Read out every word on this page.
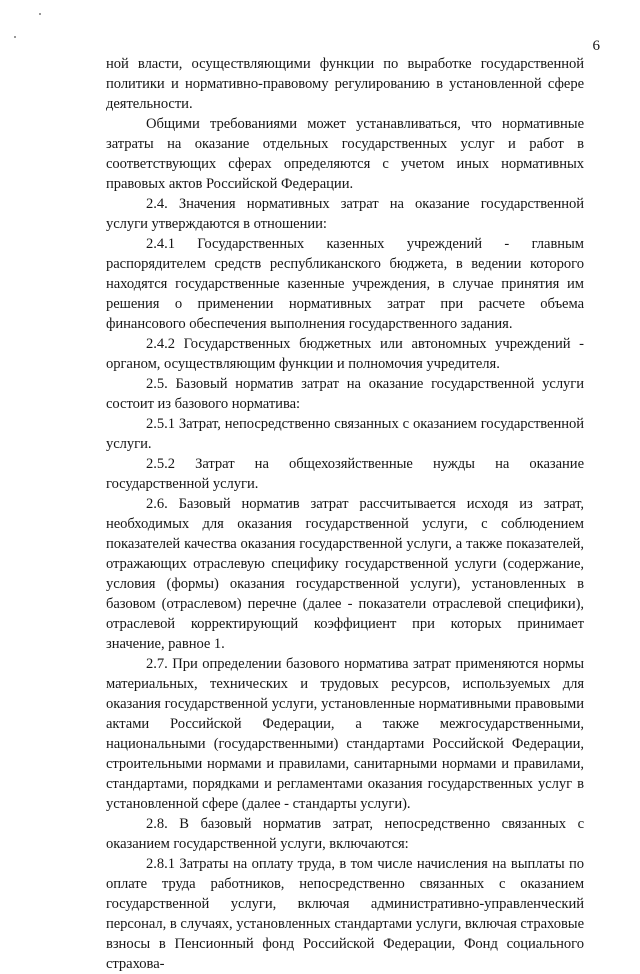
6

ной власти, осуществляющими функции по выработке государственной политики и нормативно-правовому регулированию в установленной сфере деятельности.

Общими требованиями может устанавливаться, что нормативные затраты на оказание отдельных государственных услуг и работ в соответствующих сферах определяются с учетом иных нормативных правовых актов Российской Федерации.

2.4. Значения нормативных затрат на оказание государственной услуги утверждаются в отношении:

2.4.1 Государственных казенных учреждений - главным распорядителем средств республиканского бюджета, в ведении которого находятся государственные казенные учреждения, в случае принятия им решения о применении нормативных затрат при расчете объема финансового обеспечения выполнения государственного задания.

2.4.2 Государственных бюджетных или автономных учреждений - органом, осуществляющим функции и полномочия учредителя.

2.5. Базовый норматив затрат на оказание государственной услуги состоит из базового норматива:

2.5.1 Затрат, непосредственно связанных с оказанием государственной услуги.

2.5.2 Затрат на общехозяйственные нужды на оказание государственной услуги.

2.6. Базовый норматив затрат рассчитывается исходя из затрат, необходимых для оказания государственной услуги, с соблюдением показателей качества оказания государственной услуги, а также показателей, отражающих отраслевую специфику государственной услуги (содержание, условия (формы) оказания государственной услуги), установленных в базовом (отраслевом) перечне (далее - показатели отраслевой специфики), отраслевой корректирующий коэффициент при которых принимает значение, равное 1.

2.7. При определении базового норматива затрат применяются нормы материальных, технических и трудовых ресурсов, используемых для оказания государственной услуги, установленные нормативными правовыми актами Российской Федерации, а также межгосударственными, национальными (государственными) стандартами Российской Федерации, строительными нормами и правилами, санитарными нормами и правилами, стандартами, порядками и регламентами оказания государственных услуг в установленной сфере (далее - стандарты услуги).

2.8. В базовый норматив затрат, непосредственно связанных с оказанием государственной услуги, включаются:

2.8.1 Затраты на оплату труда, в том числе начисления на выплаты по оплате труда работников, непосредственно связанных с оказанием государственной услуги, включая административно-управленческий персонал, в случаях, установленных стандартами услуги, включая страховые взносы в Пенсионный фонд Российской Федерации, Фонд социального страхова-
